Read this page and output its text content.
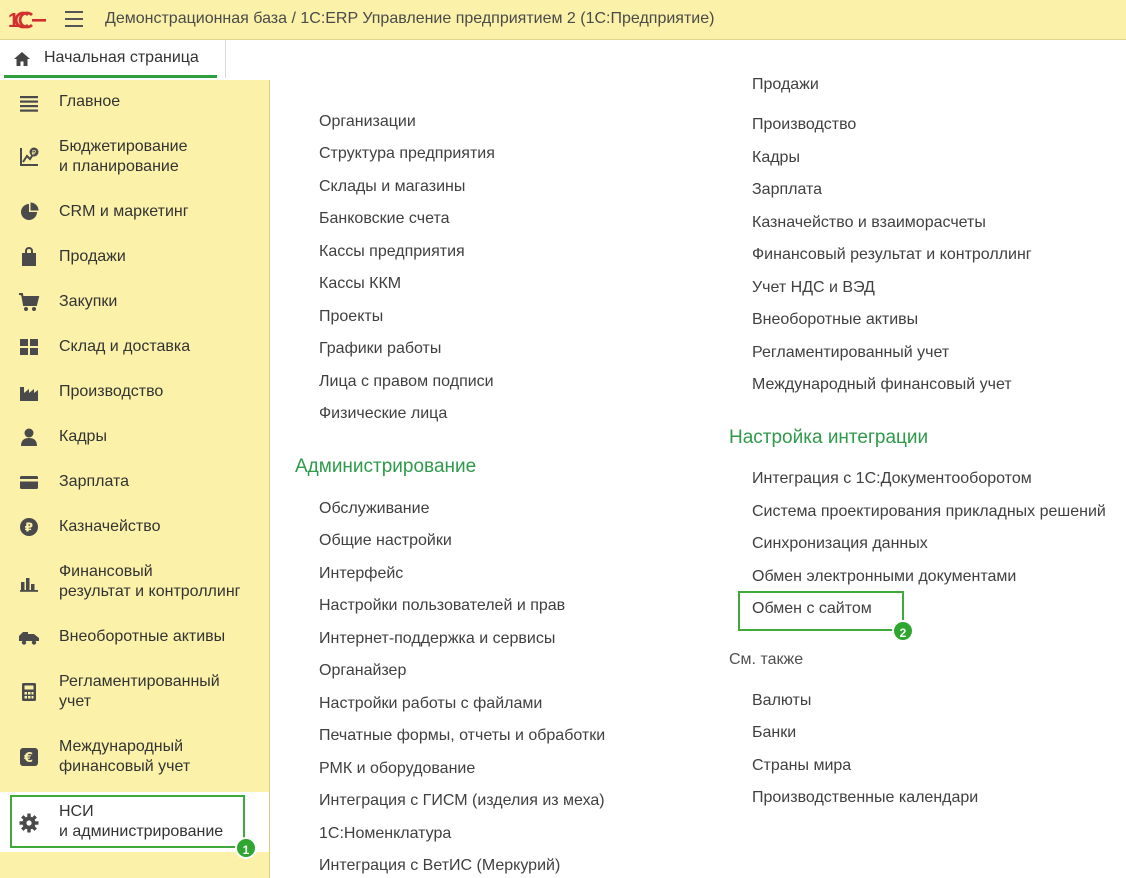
1	Демонстрационная база / 1С:ERP Управление предприятием 2 (1С:Предприятие)
Начальная страница
Главное
₽ Бюджетирование
и планирование
CRM и маркетинг
Продажи
Закупки
Склад и доставка
Производство
Кадры
Зарплата
₽ Казначейство
Финансовый
результат и контроллинг
Внеоборотные активы
Регламентированный
учет
€
Международный
финансовый учет
НСИ
и администрирование
1
Организации
Структура предприятия
Склады и магазины
Банковские счета
Кассы предприятия
Кассы ККМ
Проекты
Графики работы
Лица с правом подписи
Физические лица
Администрирование
Обслуживание
Общие настройки
Интерфейс
Настройки пользователей и прав
Интернет-поддержка и сервисы
Органайзер
Настройки работы с файлами
Печатные формы, отчеты и обработки
РМК и оборудование
Интеграция с ГИСМ (изделия из меха)
1С:Номенклатура
Интеграция с ВетИС (Меркурий)
Продажи
Производство
Кадры
Зарплата
Казначейство и взаиморасчеты
Финансовый результат и контроллинг
Учет НДС и ВЭД
Внеоборотные активы
Регламентированный учет
Международный финансовый учет
Настройка интеграции
Интеграция с 1С:Документооборотом
Система проектирования прикладных решений
Синхронизация данных
Обмен электронными документами
Обмен с сайтом
2
См. также
Валюты
Банки
Страны мира
Производственные календари
